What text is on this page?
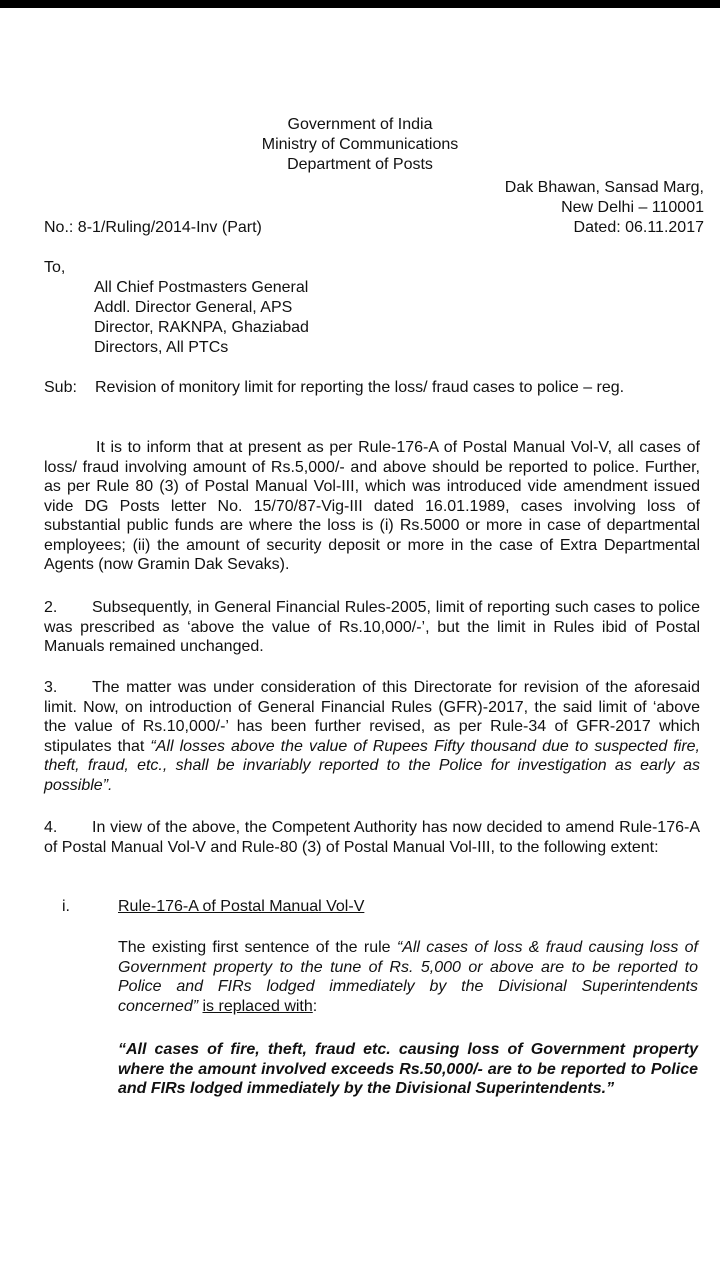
Government of India
Ministry of Communications
Department of Posts
Dak Bhawan, Sansad Marg,
New Delhi – 110001
Dated: 06.11.2017
No.: 8-1/Ruling/2014-Inv (Part)
To,
All Chief Postmasters General
Addl. Director General, APS
Director, RAKNPA, Ghaziabad
Directors, All PTCs
Sub: Revision of monitory limit for reporting the loss/ fraud cases to police – reg.
It is to inform that at present as per Rule-176-A of Postal Manual Vol-V, all cases of loss/ fraud involving amount of Rs.5,000/- and above should be reported to police. Further, as per Rule 80 (3) of Postal Manual Vol-III, which was introduced vide amendment issued vide DG Posts letter No. 15/70/87-Vig-III dated 16.01.1989, cases involving loss of substantial public funds are where the loss is (i) Rs.5000 or more in case of departmental employees; (ii) the amount of security deposit or more in the case of Extra Departmental Agents (now Gramin Dak Sevaks).
2. Subsequently, in General Financial Rules-2005, limit of reporting such cases to police was prescribed as ‘above the value of Rs.10,000/-’, but the limit in Rules ibid of Postal Manuals remained unchanged.
3. The matter was under consideration of this Directorate for revision of the aforesaid limit. Now, on introduction of General Financial Rules (GFR)-2017, the said limit of ‘above the value of Rs.10,000/-’ has been further revised, as per Rule-34 of GFR-2017 which stipulates that “All losses above the value of Rupees Fifty thousand due to suspected fire, theft, fraud, etc., shall be invariably reported to the Police for investigation as early as possible”.
4. In view of the above, the Competent Authority has now decided to amend Rule-176-A of Postal Manual Vol-V and Rule-80 (3) of Postal Manual Vol-III, to the following extent:
i.	Rule-176-A of Postal Manual Vol-V
The existing first sentence of the rule “All cases of loss & fraud causing loss of Government property to the tune of Rs. 5,000 or above are to be reported to Police and FIRs lodged immediately by the Divisional Superintendents concerned” is replaced with:
“All cases of fire, theft, fraud etc. causing loss of Government property where the amount involved exceeds Rs.50,000/- are to be reported to Police and FIRs lodged immediately by the Divisional Superintendents.”
